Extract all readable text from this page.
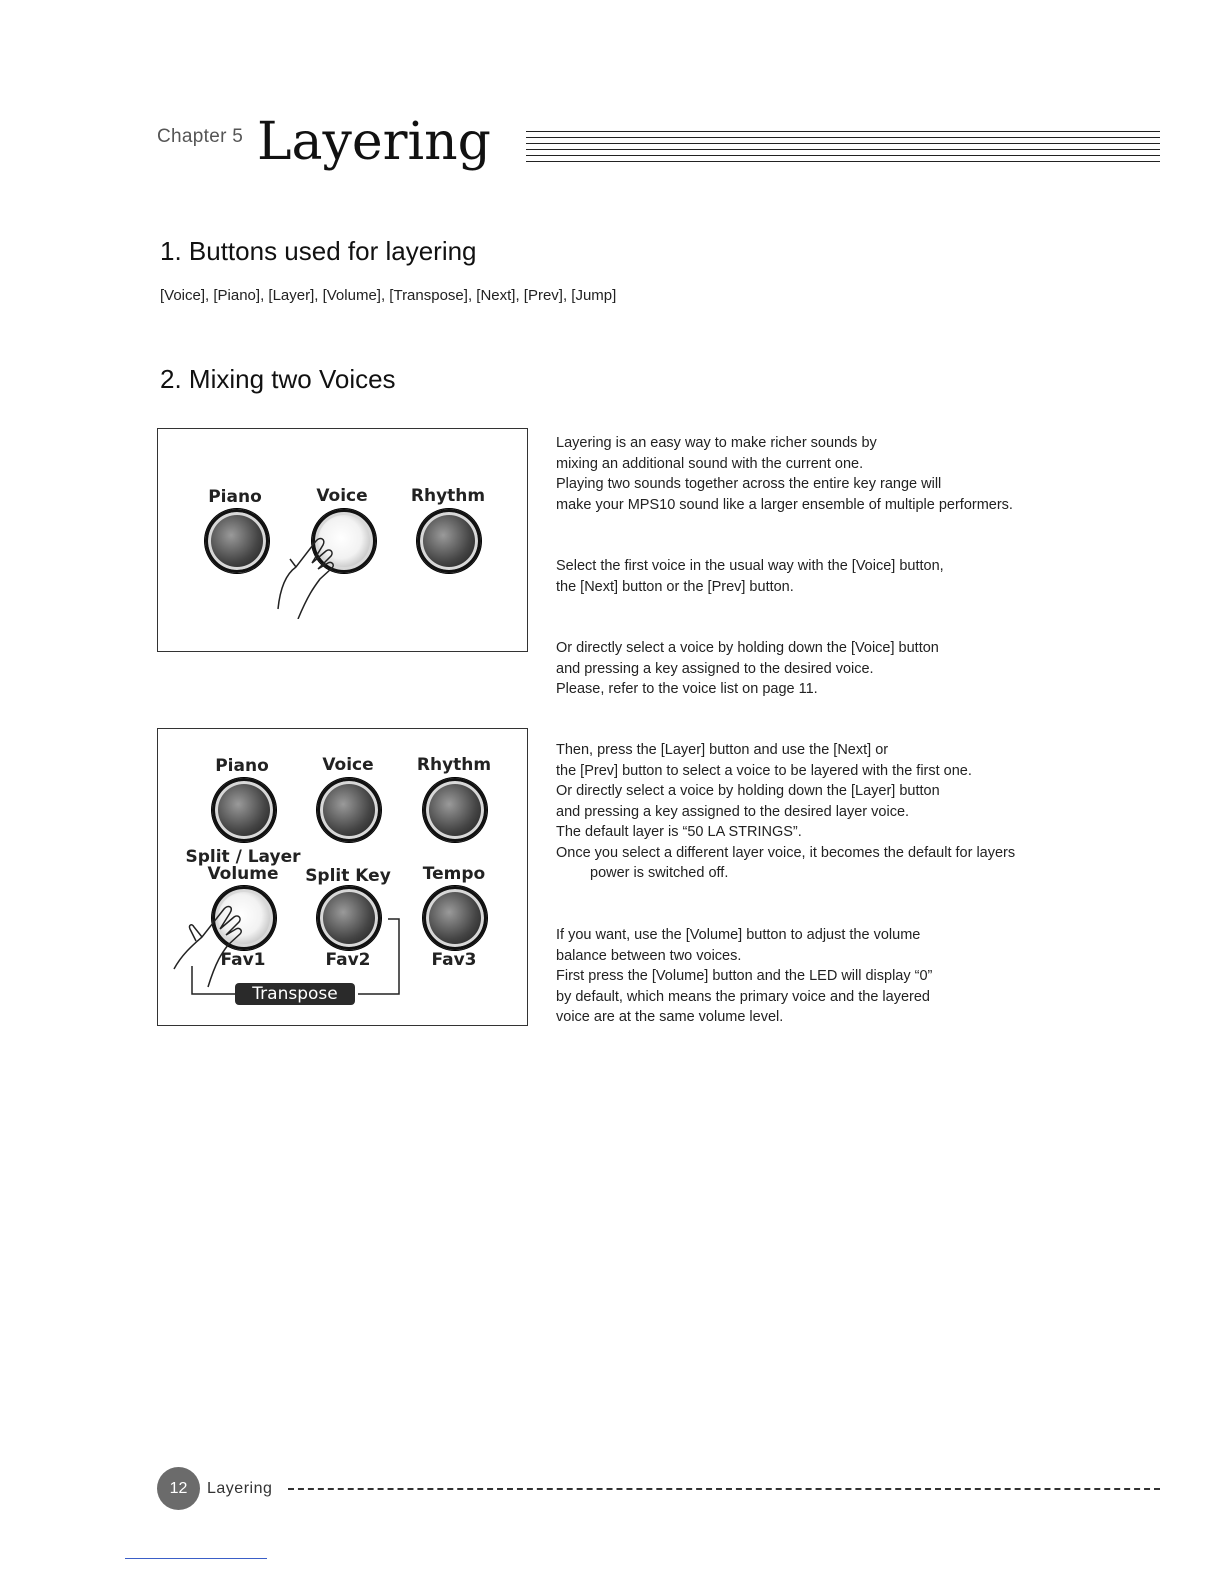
Chapter 5 Layering
1. Buttons used for layering
[Voice], [Piano], [Layer], [Volume], [Transpose], [Next], [Prev], [Jump]
2. Mixing two Voices
Piano	Voice	Rhythm
Piano	Voice	Rhythm
Split / Layer
Volume	Split Key	Tempo
Fav1	Fav2	Fav3
Transpose

Layering is an easy way to make richer sounds by
mixing an additional sound with the current one.
Playing two sounds together across the entire key range will
make your MPS10 sound like a larger ensemble of multiple performers.

Select the first voice in the usual way with the [Voice] button,
the [Next] button or the [Prev] button.

Or directly select a voice by holding down the [Voice] button
and pressing a key assigned to the desired voice.
Please, refer to the voice list on page 11.

Then, press the [Layer] button and use the [Next] or
the [Prev] button to select a voice to be layered with the first one.
Or directly select a voice by holding down the [Layer] button
and pressing a key assigned to the desired layer voice.
The default layer is “50 LA STRINGS”.
Once you select a different layer voice, it becomes the default for layers
power is switched off.

If you want, use the [Volume] button to adjust the volume
balance between two voices.
First press the [Volume] button and the LED will display “0”
by default, which means the primary voice and the layered
voice are at the same volume level.

12	Layering
